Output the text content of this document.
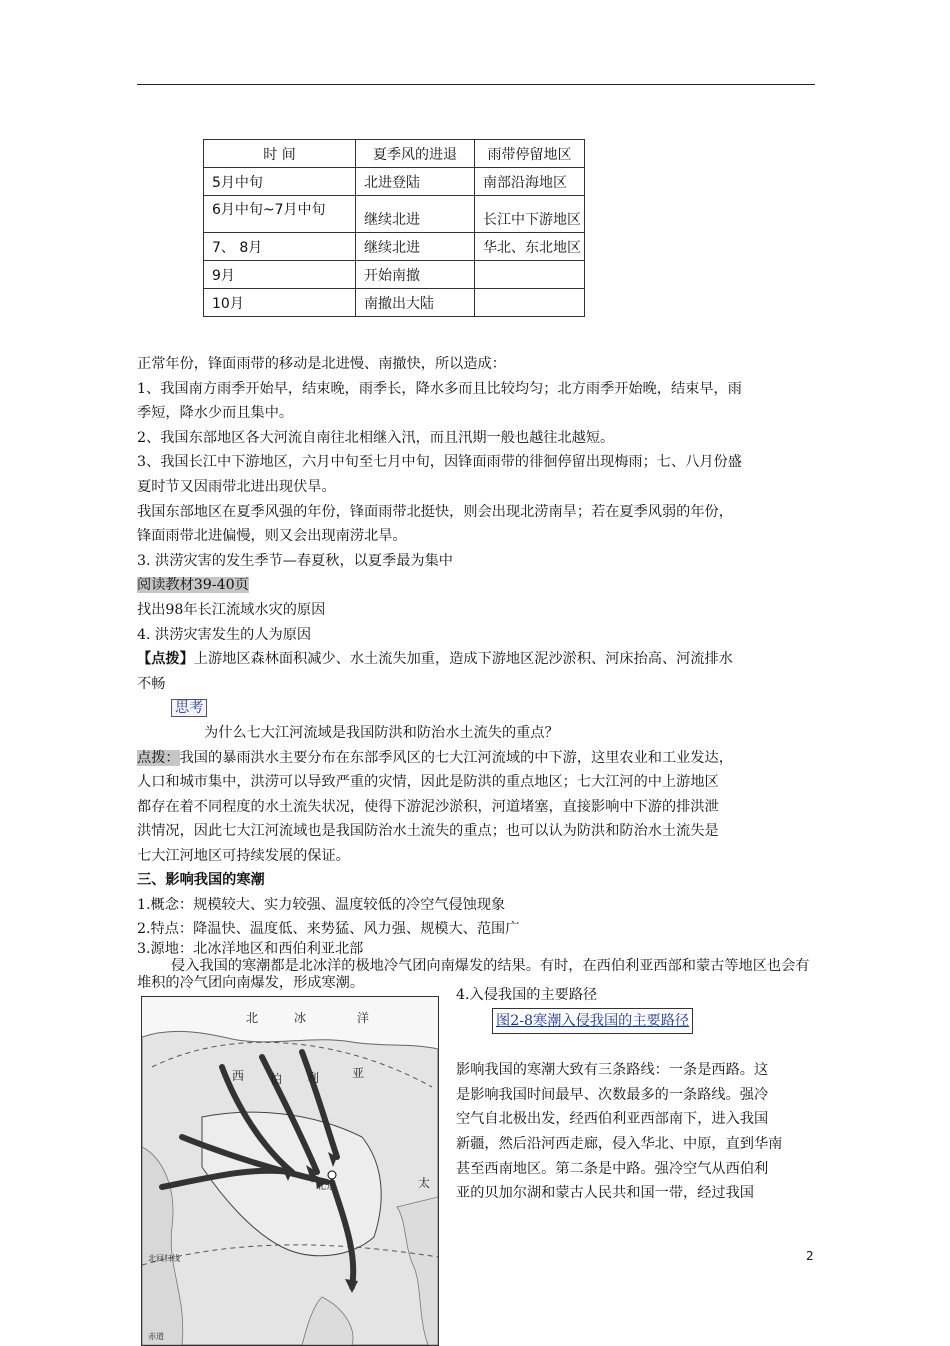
时 间	夏季风的进退	雨带停留地区
5月中旬	北进登陆	南部沿海地区
6月中旬~7月中旬	继续北进	长江中下游地区
7、 8月	继续北进	华北、东北地区
9月	开始南撤	
10月	南撤出大陆	
正常年份，锋面雨带的移动是北进慢、南撤快，所以造成：
1、我国南方雨季开始早，结束晚，雨季长，降水多而且比较均匀；北方雨季开始晚，结束早，雨
季短，降水少而且集中。
2、我国东部地区各大河流自南往北相继入汛，而且汛期一般也越往北越短。
3、我国长江中下游地区，六月中旬至七月中旬，因锋面雨带的徘徊停留出现梅雨；七、八月份盛
夏时节又因雨带北进出现伏旱。
我国东部地区在夏季风强的年份，锋面雨带北挺快，则会出现北涝南旱；若在夏季风弱的年份，
锋面雨带北进偏慢，则又会出现南涝北旱。
3. 洪涝灾害的发生季节—春夏秋，以夏季最为集中
阅读教材39-40页
找出98年长江流域水灾的原因
4. 洪涝灾害发生的人为原因
【点拨】上游地区森林面积减少、水土流失加重，造成下游地区泥沙淤积、河床抬高、河流排水
不畅
思考
为什么七大江河流域是我国防洪和防治水土流失的重点？
点拨：我国的暴雨洪水主要分布在东部季风区的七大江河流域的中下游，这里农业和工业发达，
人口和城市集中，洪涝可以导致严重的灾情，因此是防洪的重点地区；七大江河的中上游地区
都存在着不同程度的水土流失状况，使得下游泥沙淤积，河道堵塞，直接影响中下游的排洪泄
洪情况，因此七大江河流域也是我国防治水土流失的重点；也可以认为防洪和防治水土流失是
七大江河地区可持续发展的保证。
三、影响我国的寒潮
1.概念：规模较大、实力较强、温度较低的冷空气侵蚀现象
2.特点：降温快、温度低、来势猛、风力强、规模大、范围广
3.源地：北冰洋地区和西伯利亚北部
侵入我国的寒潮都是北冰洋的极地冷气团向南爆发的结果。有时，在西伯利亚西部和蒙古等地区也会有堆积的冷气团向南爆发，形成寒潮。
北	冰	洋
西 伯 利	亚
北京	太
北回归线
赤道
4.入侵我国的主要路径
图2-8寒潮入侵我国的主要路径
影响我国的寒潮大致有三条路线：一条是西路。这
是影响我国时间最早、次数最多的一条路线。强冷
空气自北极出发，经西伯利亚西部南下，进入我国
新疆，然后沿河西走廊，侵入华北、中原，直到华南
甚至西南地区。第二条是中路。强冷空气从西伯利
亚的贝加尔湖和蒙古人民共和国一带，经过我国
2
